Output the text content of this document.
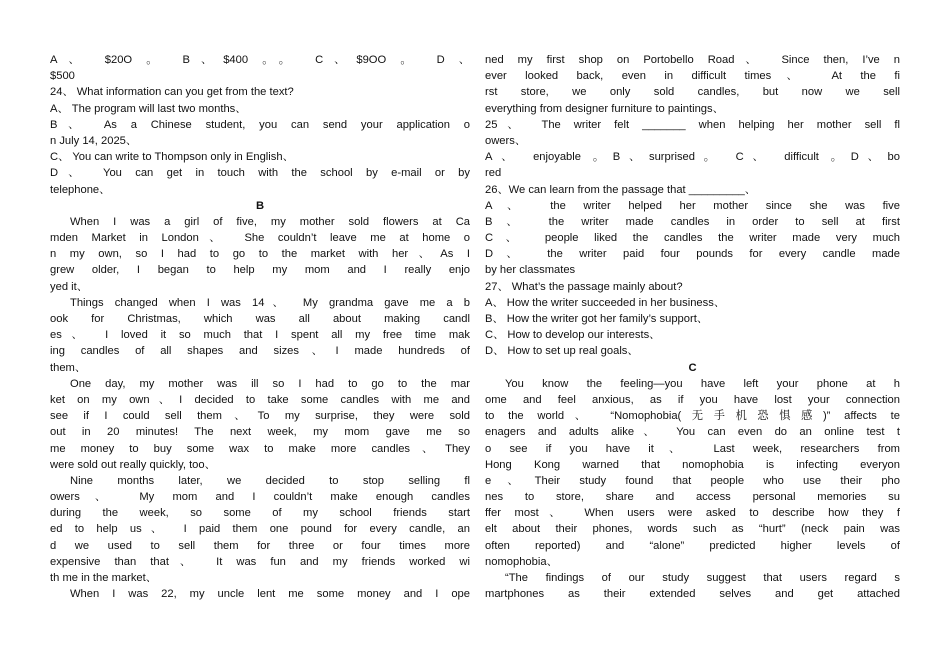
A、 $20O 。 B、$400 。。 C、$9OO 。 D 、
$500
24、 What information can you get from the text?
A、 The program will last two months、
B、 As a Chinese student, you can send your application o
n July 14, 2025、
C、 You can write to Thompson only in English、
D、 You can get in touch with the school by e-mail or by
telephone、
B
When I was a girl of five, my mother sold flowers at Ca
mden Market in London、 She couldn’t leave me at home o
n my own, so I had to go to the market with her、As I
grew older, I began to help my mom and I really enjo
yed it、
Things changed when I was 14、 My grandma gave me a b
ook for Christmas, which was all about making candl
es、 I loved it so much that I spent all my free time mak
ing candles of all shapes and sizes、I made hundreds of
them、
One day, my mother was ill so I had to go to the mar
ket on my own、I decided to take some candles with me and
see if I could sell them、To my surprise, they were sold
out in 20 minutes! The next week, my mom gave me so
me money to buy some wax to make more candles、They
were sold out really quickly, too、
Nine months later, we decided to stop selling fl
owers、 My mom and I couldn’t make enough candles
during the week, so some of my school friends start
ed to help us、 I paid them one pound for every candle, an
d we used to sell them for three or four times more
expensive than that、 It was fun and my friends worked wi
th me in the market、
When I was 22, my uncle lent me some money and I ope
ned my first shop on Portobello Road、 Since then, I’ve n
ever looked back, even in difficult times、 At the fi
rst store, we only sold candles, but now we sell
everything from designer furniture to paintings、
25、 The writer felt _______ when helping her mother sell fl
owers、
A、 enjoyable 。B、surprised。 C、 difficult 。D、bo
red
26、We can learn from the passage that _________、
A、 the writer helped her mother since she was five
B、 the writer made candles in order to sell at first
C、 people liked the candles the writer made very much
D、 the writer paid four pounds for every candle made
by her classmates
27、 What’s the passage mainly about?
A、 How the writer succeeded in her business、
B、 How the writer got her family’s support、
C、 How to develop our interests、
D、 How to set up real goals、
C
You know the feeling—you have left your phone at h
ome and feel anxious, as if you have lost your connection
to the world、 “Nomophobia(无手机恐惧感)” affects te
enagers and adults alike、 You can even do an online test t
o see if you have it、 Last week, researchers from
Hong Kong warned that nomophobia is infecting everyon
e、Their study found that people who use their pho
nes to store, share and access personal memories su
ffer most、 When users were asked to describe how they f
elt about their phones, words such as “hurt” (neck pain was
often reported) and “alone” predicted higher levels of
nomophobia、
“The findings of our study suggest that users regard s
martphones as their extended selves and get attached
